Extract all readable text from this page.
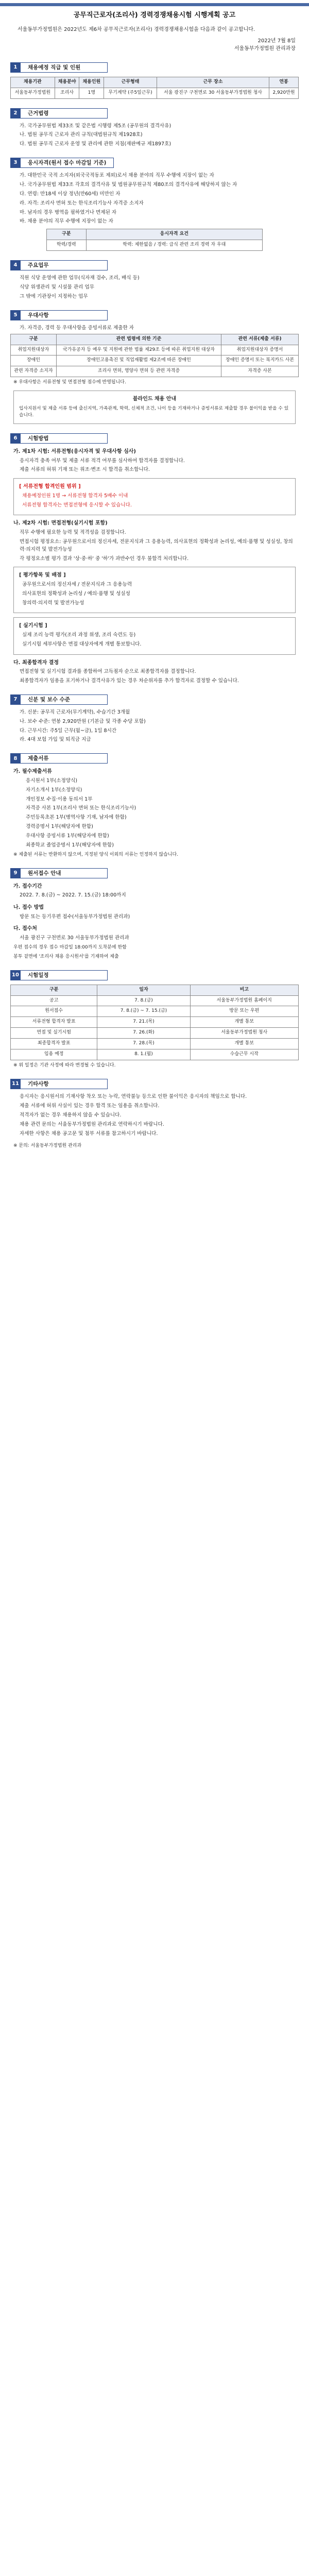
공무직근로자(조리사) 경력경쟁채용시험 시행계획 공고
서울동부가정법원은 2022년도 제6차 공무직근로자(조리사) 경력경쟁채용시험을 다음과 같이 공고합니다.
2022년 7월 8일
서울동부가정법원 관리과장
1	채용예정 직급 및 인원
채용기관	채용분야	채용인원	근무형태	근무 장소	연봉
서울동부가정법원	조리사	1명	무기계약 (주5일근무)	서울 광진구 구천면로 30 서울동부가정법원 청사	2,920만원
2	근거법령
가. 국가공무원법 제33조 및 같은법 시행령 제5조 (공무원의 결격사유)
나. 법원 공무직 근로자 관리 규칙(대법원규칙 제1928호)
다. 법원 공무직 근로자 운영 및 관리에 관한 지침(재판예규 제1897호)
3	응시자격(원서 접수 마감일 기준)
가. 대한민국 국적 소지자(외국국적동포 제외)로서 채용 분야의 직무 수행에 지장이 없는 자
나. 국가공무원법 제33조 각호의 결격사유 및 법원공무원규칙 제80조의 결격사유에 해당하지 않는 자
다. 연령: 만18세 이상 정년(만60세) 미만인 자
라. 자격: 조리사 면허 또는 한식조리기능사 자격증 소지자
마. 남자의 경우 병역을 필하였거나 면제된 자
바. 채용 분야의 직무 수행에 지장이 없는 자
구분	응시자격 요건
학력/경력	학력: 제한없음 / 경력: 급식 관련 조리 경력 자 우대
4	주요업무
직원 식당 운영에 관한 업무(식자재 검수, 조리, 배식 등)
식당 위생관리 및 시설물 관리 업무
그 밖에 기관장이 지정하는 업무
5	우대사항
가. 자격증, 경력 등 우대사항을 증빙서류로 제출한 자
구분	관련 법령에 의한 기준	관련 서류(제출 서류)
취업지원대상자	국가유공자 등 예우 및 지원에 관한 법률 제29조 등에 따른 취업지원 대상자	취업지원대상자 증명서
장애인	장애인고용촉진 및 직업재활법 제2조에 따른 장애인	장애인 증명서 또는 복지카드 사본
관련 자격증 소지자	조리사 면허, 영양사 면허 등 관련 자격증	자격증 사본
※ 우대사항은 서류전형 및 면접전형 점수에 반영됩니다.
블라인드 채용 안내
입사지원서 및 제출 서류 등에 출신지역, 가족관계, 학력, 신체적 조건, 나이 등을 기재하거나 증빙서류로 제출할 경우 불이익을 받을 수 있습니다.
6	시험방법
가. 제1차 시험: 서류전형(응시자격 및 우대사항 심사)
응시자격 충족 여부 및 제출 서류 적격 여부를 심사하여 합격자를 결정합니다.
제출 서류의 허위 기재 또는 위조·변조 시 합격을 취소합니다.
[ 서류전형 합격인원 범위 ]
채용예정인원 1명 → 서류전형 합격자 5배수 이내
서류전형 합격자는 면접전형에 응시할 수 있습니다.
나. 제2차 시험: 면접전형(실기시험 포함)
직무 수행에 필요한 능력 및 적격성을 검정합니다.
면접시험 평정요소: 공무원으로서의 정신자세, 전문지식과 그 응용능력, 의사표현의 정확성과 논리성, 예의·품행 및 성실성, 창의력·의지력 및 발전가능성
각 평정요소별 평가 결과 '상·중·하' 중 '하'가 과반수인 경우 불합격 처리합니다.
[ 평가항목 및 배점 ]
공무원으로서의 정신자세 / 전문지식과 그 응용능력
의사표현의 정확성과 논리성 / 예의·품행 및 성실성
창의력·의지력 및 발전가능성
[ 실기시험 ]
실제 조리 능력 평가(조리 과정 위생, 조리 숙련도 등)
실기시험 세부사항은 면접 대상자에게 개별 통보합니다.
다. 최종합격자 결정
면접전형 및 실기시험 결과를 종합하여 고득점자 순으로 최종합격자를 결정합니다.
최종합격자가 임용을 포기하거나 결격사유가 있는 경우 차순위자를 추가 합격자로 결정할 수 있습니다.
7	신분 및 보수 수준
가. 신분: 공무직 근로자(무기계약), 수습기간 3개월
나. 보수 수준: 연봉 2,920만원 (기본급 및 각종 수당 포함)
다. 근무시간: 주5일 근무(월~금), 1일 8시간
라. 4대 보험 가입 및 퇴직금 지급
8	제출서류
가. 필수제출서류
응시원서 1부(소정양식)
자기소개서 1부(소정양식)
개인정보 수집·이용 동의서 1부
자격증 사본 1부(조리사 면허 또는 한식조리기능사)
주민등록초본 1부(병역사항 기재, 남자에 한함)
경력증명서 1부(해당자에 한함)
우대사항 증빙서류 1부(해당자에 한함)
최종학교 졸업증명서 1부(해당자에 한함)
※ 제출된 서류는 반환하지 않으며, 지정된 양식 이외의 서류는 인정하지 않습니다.
9	원서접수 안내
가. 접수기간
2022. 7. 8.(금) ~ 2022. 7. 15.(금) 18:00까지
나. 접수 방법
방문 또는 등기우편 접수(서울동부가정법원 관리과)
다. 접수처
서울 광진구 구천면로 30 서울동부가정법원 관리과
우편 접수의 경우 접수 마감일 18:00까지 도착분에 한함
봉투 겉면에 '조리사 채용 응시원서'를 기재하여 제출
10	시험일정
구분	일자	비고
공고	7. 8.(금)	서울동부가정법원 홈페이지
원서접수	7. 8.(금) ~ 7. 15.(금)	방문 또는 우편
서류전형 합격자 발표	7. 21.(목)	개별 통보
면접 및 실기시험	7. 26.(화)	서울동부가정법원 청사
최종합격자 발표	7. 28.(목)	개별 통보
임용 예정	8. 1.(월)	수습근무 시작
※ 위 일정은 기관 사정에 따라 변경될 수 있습니다.
11	기타사항
응시자는 응시원서의 기재사항 착오 또는 누락, 연락불능 등으로 인한 불이익은 응시자의 책임으로 합니다.
제출 서류에 허위 사실이 있는 경우 합격 또는 임용을 취소합니다.
적격자가 없는 경우 채용하지 않을 수 있습니다.
채용 관련 문의는 서울동부가정법원 관리과로 연락하시기 바랍니다.
자세한 사항은 채용 공고문 및 첨부 서류를 참고하시기 바랍니다.
※ 문의: 서울동부가정법원 관리과
